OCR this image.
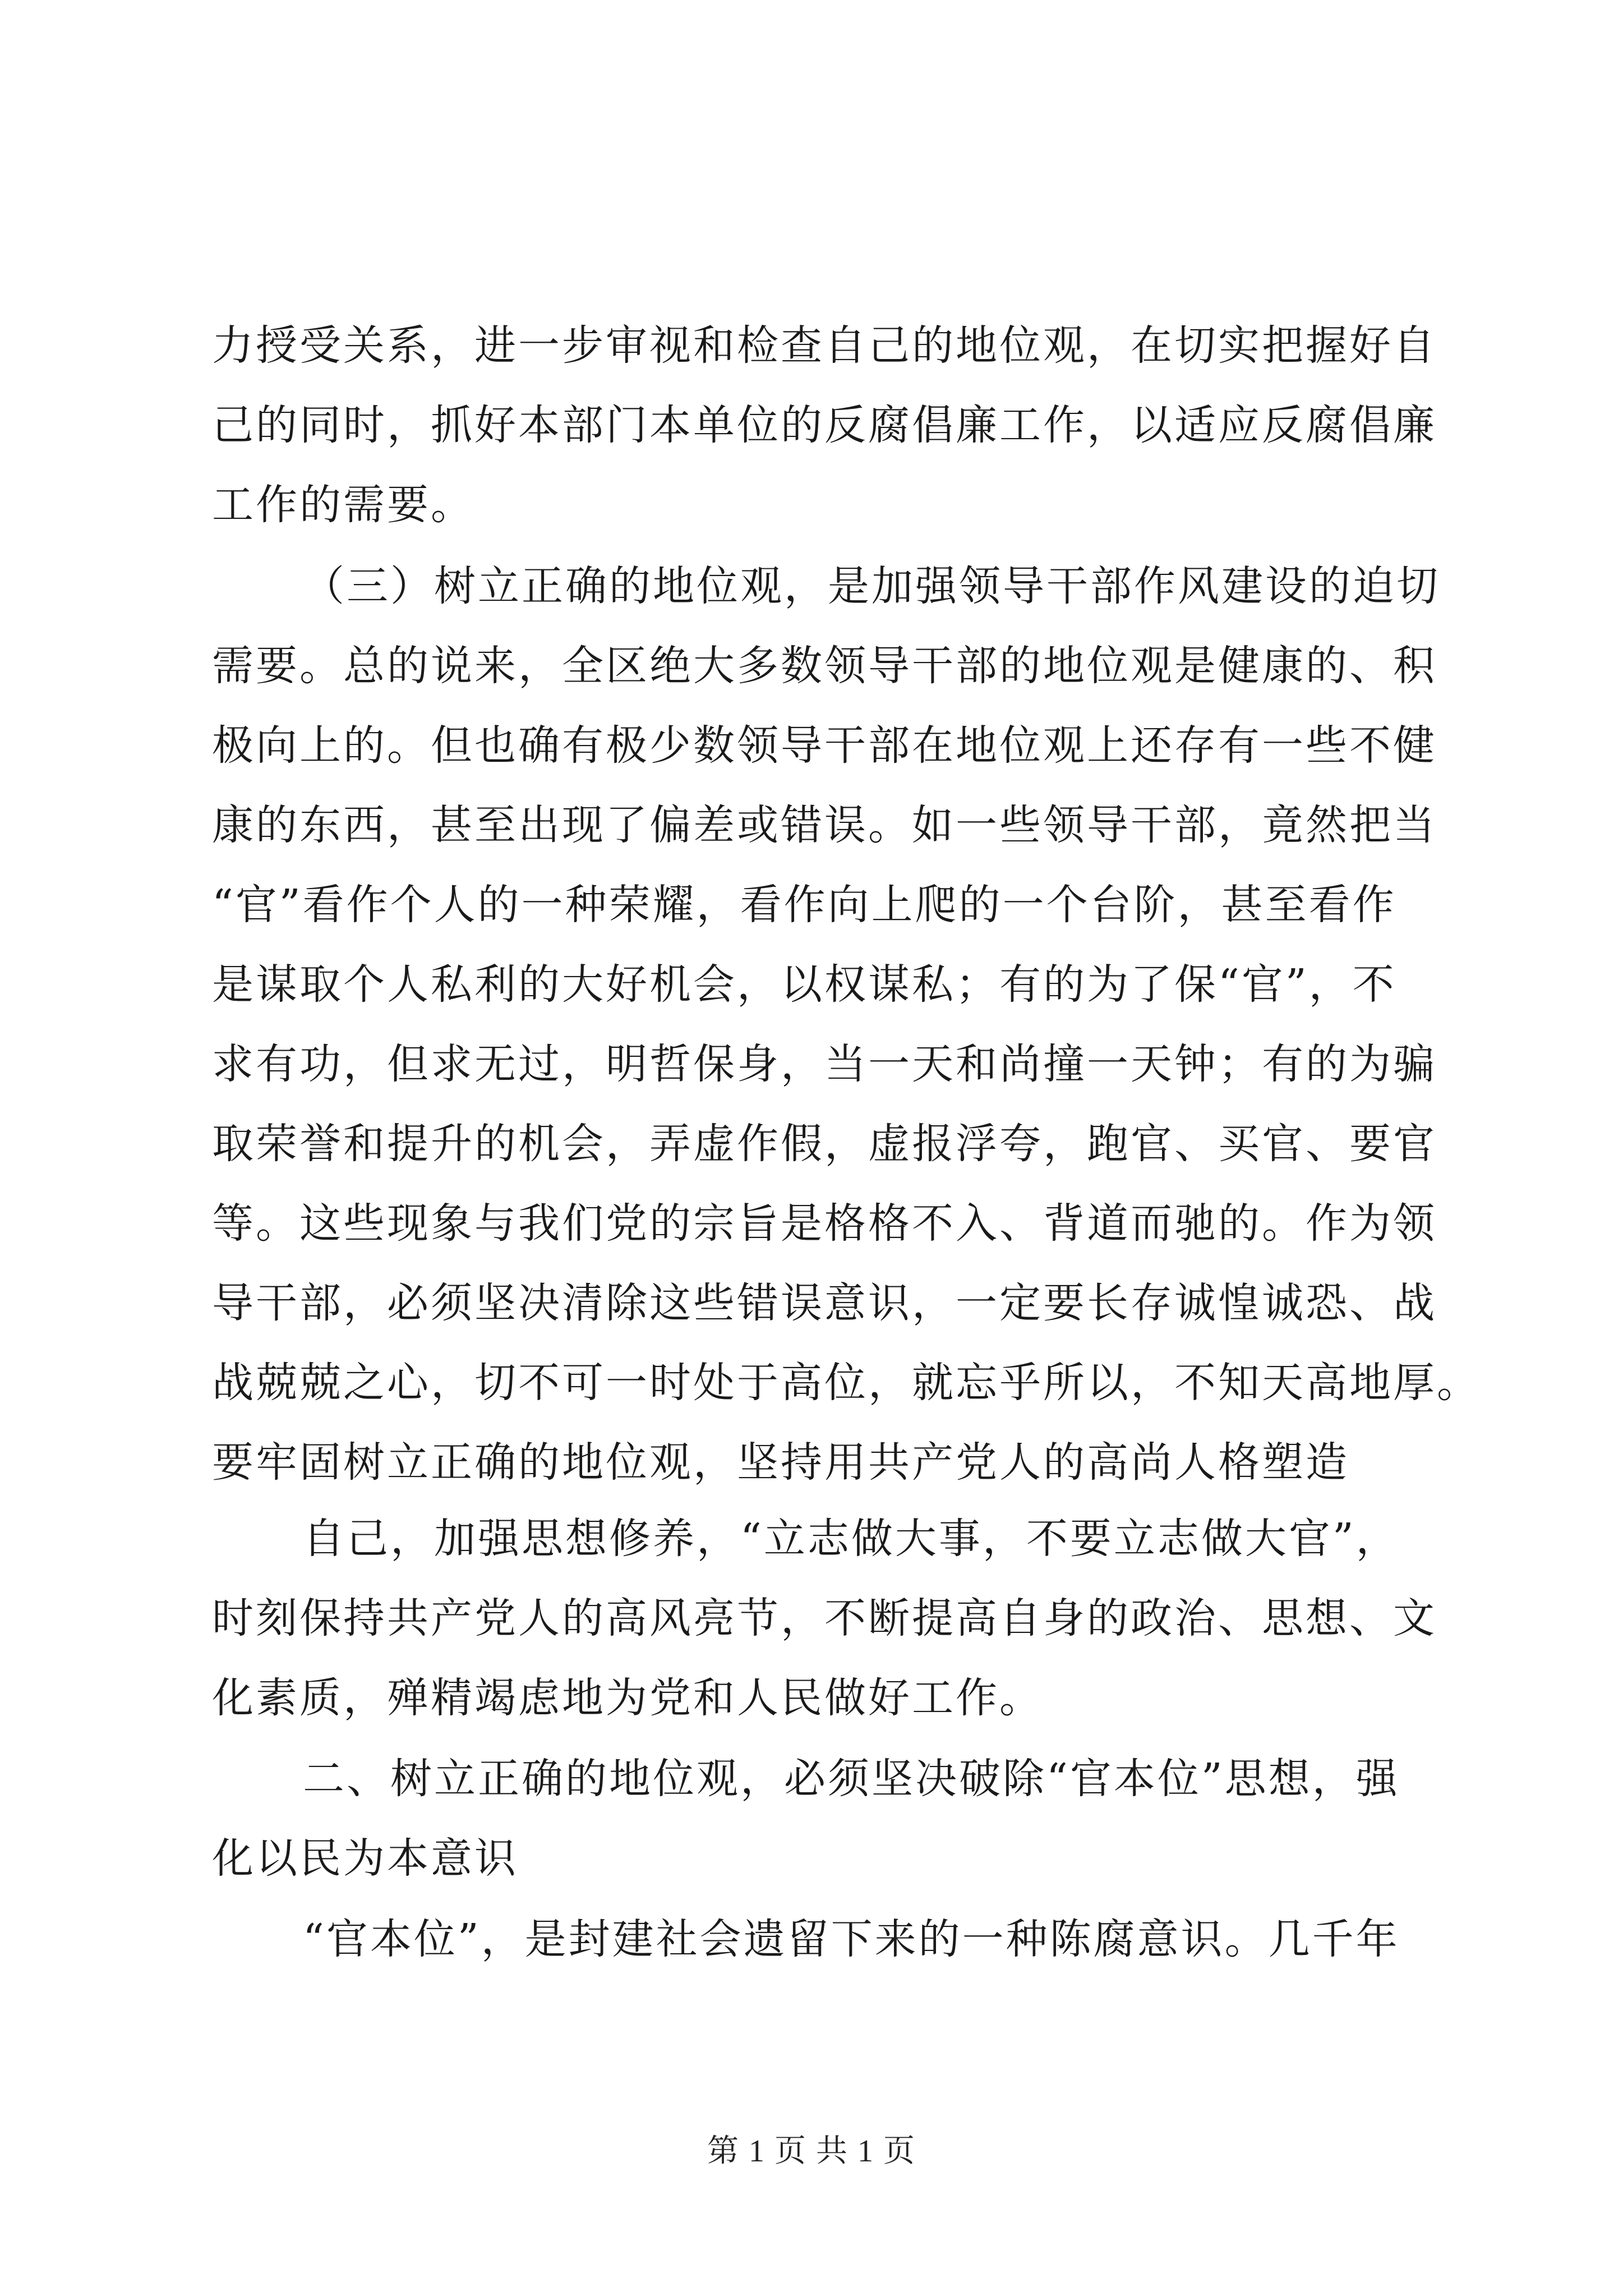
力授受关系，进一步审视和检查自己的地位观，在切实把握好自
己的同时，抓好本部门本单位的反腐倡廉工作，以适应反腐倡廉
工作的需要。
（三）树立正确的地位观，是加强领导干部作风建设的迫切
需要。总的说来，全区绝大多数领导干部的地位观是健康的、积
极向上的。但也确有极少数领导干部在地位观上还存有一些不健
康的东西，甚至出现了偏差或错误。如一些领导干部，竟然把当
“官”看作个人的一种荣耀，看作向上爬的一个台阶，甚至看作
是谋取个人私利的大好机会，以权谋私；有的为了保“官”，不
求有功，但求无过，明哲保身，当一天和尚撞一天钟；有的为骗
取荣誉和提升的机会，弄虚作假，虚报浮夸，跑官、买官、要官
等。这些现象与我们党的宗旨是格格不入、背道而驰的。作为领
导干部，必须坚决清除这些错误意识，一定要长存诚惶诚恐、战
战兢兢之心，切不可一时处于高位，就忘乎所以，不知天高地厚。
要牢固树立正确的地位观，坚持用共产党人的高尚人格塑造
自己，加强思想修养，“立志做大事，不要立志做大官”，
时刻保持共产党人的高风亮节，不断提高自身的政治、思想、文
化素质，殚精竭虑地为党和人民做好工作。
二、树立正确的地位观，必须坚决破除“官本位”思想，强
化以民为本意识
“官本位”，是封建社会遗留下来的一种陈腐意识。几千年
第 1 页 共 1 页
